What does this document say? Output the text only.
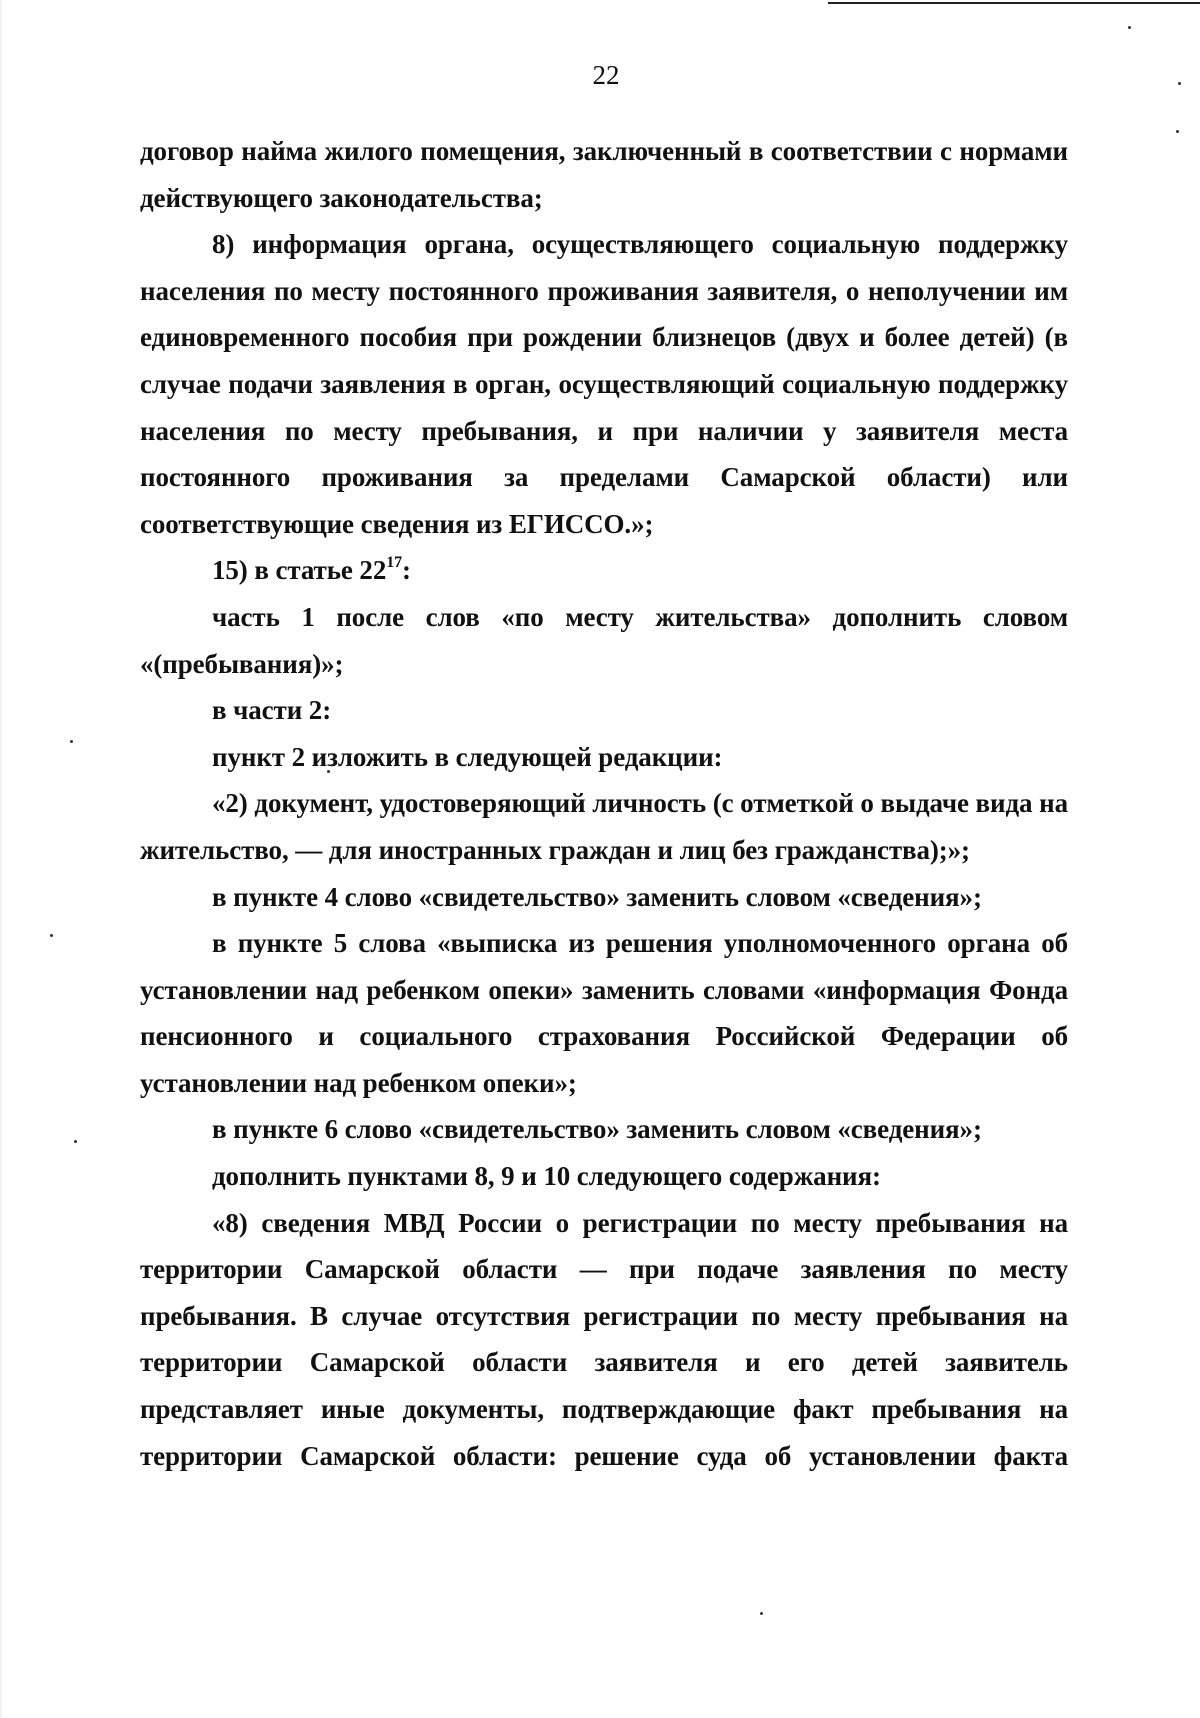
22

договор найма жилого помещения, заключенный в соответствии с нормами действующего законодательства;

8) информация органа, осуществляющего социальную поддержку населения по месту постоянного проживания заявителя, о неполучении им единовременного пособия при рождении близнецов (двух и более детей) (в случае подачи заявления в орган, осуществляющий социальную поддержку населения по месту пребывания, и при наличии у заявителя места постоянного проживания за пределами Самарской области) или соответствующие сведения из ЕГИССО.»;

15) в статье $22^{17}$:

часть 1 после слов «по месту жительства» дополнить словом «(пребывания)»;

в части 2:

пункт 2 изложить в следующей редакции:

«2) документ, удостоверяющий личность (с отметкой о выдаче вида на жительство, — для иностранных граждан и лиц без гражданства);»;

в пункте 4 слово «свидетельство» заменить словом «сведения»;

в пункте 5 слова «выписка из решения уполномоченного органа об установлении над ребенком опеки» заменить словами «информация Фонда пенсионного и социального страхования Российской Федерации об установлении над ребенком опеки»;

в пункте 6 слово «свидетельство» заменить словом «сведения»;

дополнить пунктами 8, 9 и 10 следующего содержания:

«8) сведения МВД России о регистрации по месту пребывания на территории Самарской области — при подаче заявления по месту пребывания. В случае отсутствия регистрации по месту пребывания на территории Самарской области заявителя и его детей заявитель представляет иные документы, подтверждающие факт пребывания на территории Самарской области: решение суда об установлении факта
